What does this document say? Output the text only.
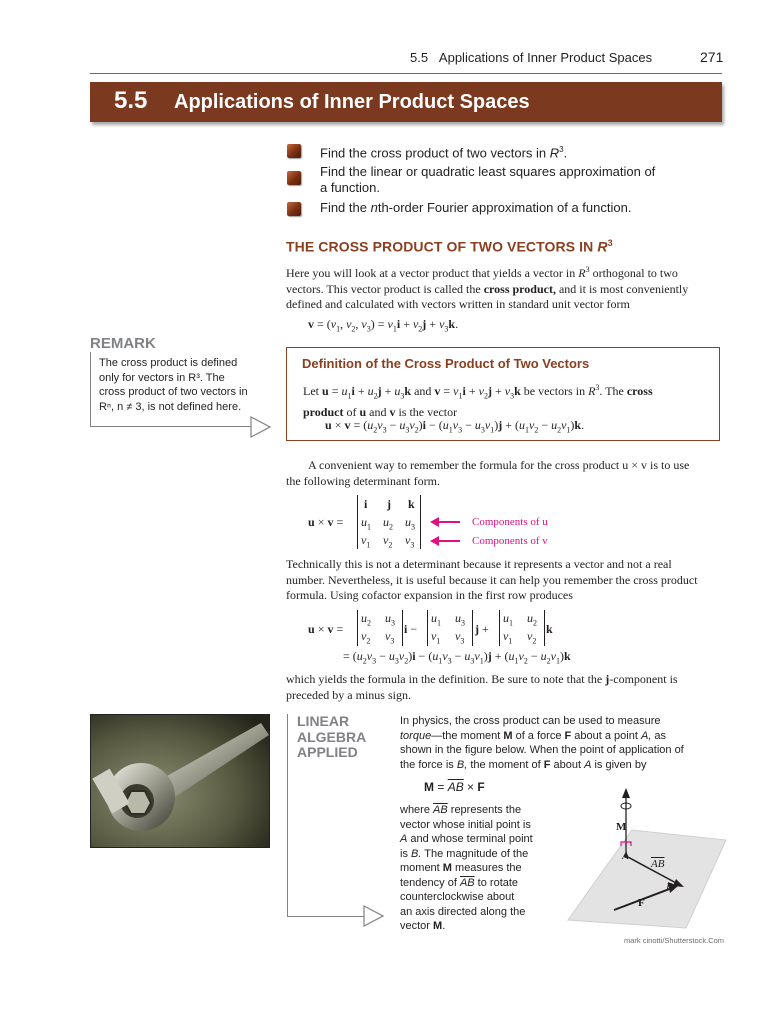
5.5 Applications of Inner Product Spaces	271
5.5 Applications of Inner Product Spaces
Find the cross product of two vectors in $R^3$.
Find the linear or quadratic least squares approximation of
a function.
Find the nth-order Fourier approximation of a function.
THE CROSS PRODUCT OF TWO VECTORS IN $R^3$
Here you will look at a vector product that yields a vector in $R^3$ orthogonal to two
vectors. This vector product is called the cross product, and it is most conveniently
defined and calculated with vectors written in standard unit vector form
$v = (v_1$, $v_2$, $v_3) = v_1i + v_2j + v_3k$.
REMARK
The cross product is defined
only for vectors in R³. The
cross product of two vectors in
Rⁿ, n ≠ 3, is not defined here.
Definition of the Cross Product of Two Vectors
Let $u = u_1i + u_2j + u_3k$ and $v = v_1i + v_2j + v_3k$ be vectors in $R^3$. The cross
product of u and v is the vector
$u \times v = (u_2v_3 - u_3v_2)i - (u_1v_3 - u_3v_1)j + (u_1v_2 - u_2v_1)k$.
A convenient way to remember the formula for the cross product u × v is to use
the following determinant form.
u × v =
i j k
$u_1$ $u_2$ $u_3$
$v_1$ $v_2$ $v_3$
Components of u
Components of v
Technically this is not a determinant because it represents a vector and not a real
number. Nevertheless, it is useful because it can help you remember the cross product
formula. Using cofactor expansion in the first row produces
u × v =
$u_2$ $u_3$
$v_2$ $v_3$
i −
$u_1$ $u_3$
$v_1$ $v_3$
j +
$u_1$ $u_2$
$v_1$ $v_2$
k
= $(u_2v_3 - u_3v_2)i - (u_1v_3 - u_3v_1)j + (u_1v_2 - u_2v_1)k$
which yields the formula in the definition. Be sure to note that the j-component is
preceded by a minus sign.
LINEAR
ALGEBRA
APPLIED
In physics, the cross product can be used to measure
torque—the moment M of a force F about a point A, as
shown in the figure below. When the point of application of
the force is B, the moment of F about A is given by
$M = \overline{AB} \times F$
where $\overline{AB}$ represents the
vector whose initial point is
A and whose terminal point
is B. The magnitude of the
moment M measures the
tendency of $\overline{AB}$ to rotate
counterclockwise about
an axis directed along the
vector M.
M
A
$\overline{AB}$
B
F
mark cinotti/Shutterstock.Com
